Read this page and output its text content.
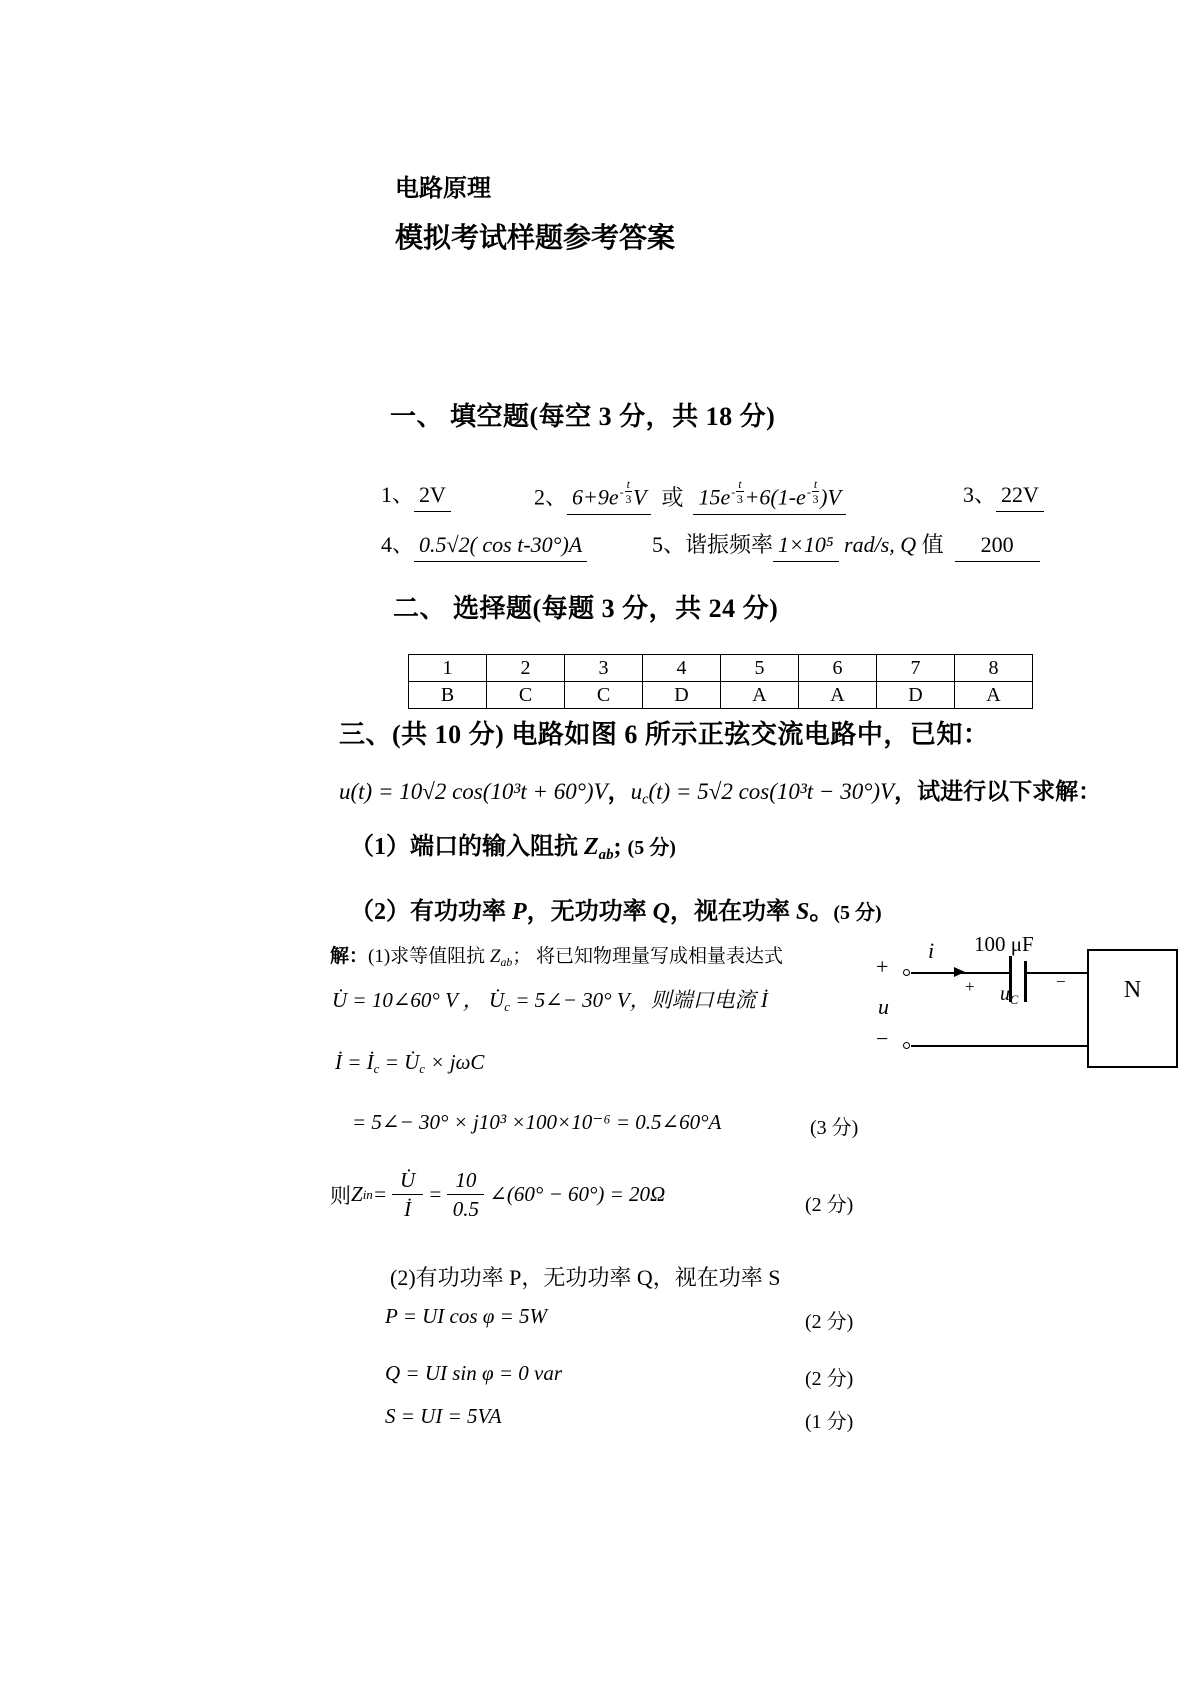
电路原理
模拟考试样题参考答案
一、 填空题(每空 3 分，共 18 分)
1、 2V	2、 $6+9e - \frac{t}{3}$ V 或 $15e - \frac{t}{3} +6(1-e - \frac{t}{3} )V$	3、 22V
4、 0.5√2( cos t-30°)A	5、谐振频率 1×10⁵ rad/s, Q 值 200
二、 选择题(每题 3 分，共 24 分)
1	2	3	4	5	6	7	8
B	C	C	D	A	A	D	A
三、(共 10 分) 电路如图 6 所示正弦交流电路中，已知：
u(t) = 10√2 cos(10³t + 60°)V，uc(t) = 5√2 cos(10³t − 30°)V，试进行以下求解：
（1）端口的输入阻抗 Zab; (5 分)
（2）有功功率 P，无功功率 Q，视在功率 S。(5 分)
解：(1)求等值阻抗 Zab； 将已知物理量写成相量表达式
U̇ = 10∠60° V ， U̇c = 5∠− 30° V，则端口电流 İ
+
i 100 μF
+ uC
− N
u
−
İ = İc = U̇c × jωC
= 5∠− 30° × j10³ ×100×10⁻⁶ = 0.5∠60°A	(3 分)
则 Z in = $\frac{U̇}{İ} = \frac{10}{0.5}$ ∠(60° − 60°) = 20Ω	(2 分)
(2)有功功率 P，无功功率 Q，视在功率 S
P = UI cos φ = 5W	(2 分)
Q = UI sin φ = 0 var	(2 分)
S = UI = 5VA	(1 分)
